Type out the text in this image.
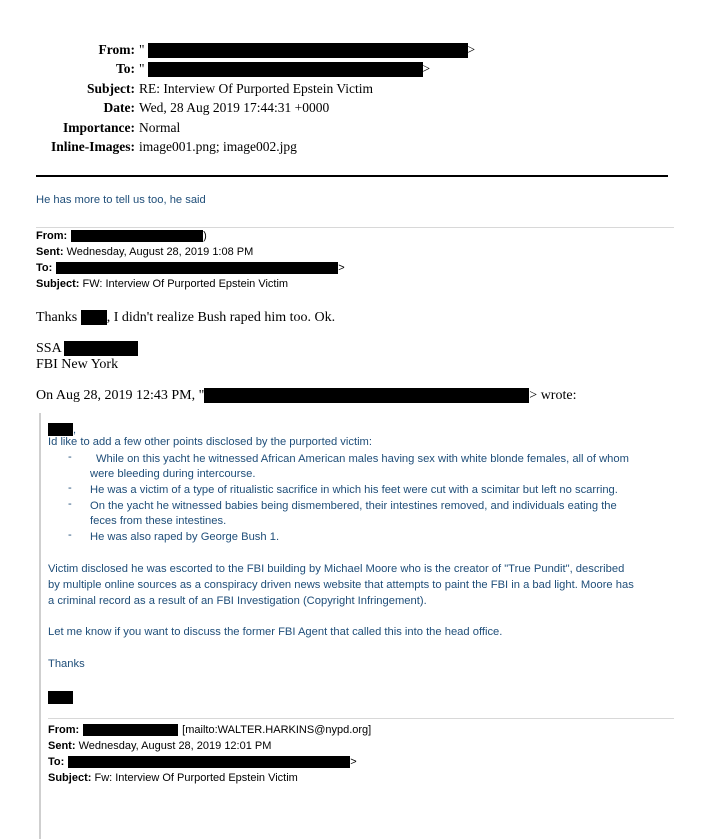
From: "	>
To: "	>
Subject: RE: Interview Of Purported Epstein Victim
Date: Wed, 28 Aug 2019 17:44:31 +0000
Importance: Normal
Inline-Images: image001.png; image002.jpg
He has more to tell us too, he said
From:	)
Sent: Wednesday, August 28, 2019 1:08 PM
To:	>
Subject: FW: Interview Of Purported Epstein Victim
Thanks , I didn't realize Bush raped him too. Ok.
SSA
FBI New York
On Aug 28, 2019 12:43 PM, "	> wrote:
,
Id like to add a few other points disclosed by the purported victim:
- While on this yacht he witnessed African American males having sex with white blonde females, all of whom
were bleeding during intercourse.
- He was a victim of a type of ritualistic sacrifice in which his feet were cut with a scimitar but left no scarring.
- On the yacht he witnessed babies being dismembered, their intestines removed, and individuals eating the
feces from these intestines.
- He was also raped by George Bush 1.
Victim disclosed he was escorted to the FBI building by Michael Moore who is the creator of "True Pundit", described
by multiple online sources as a conspiracy driven news website that attempts to paint the FBI in a bad light. Moore has
a criminal record as a result of an FBI Investigation (Copyright Infringement).
Let me know if you want to discuss the former FBI Agent that called this into the head office.
Thanks
From:	[mailto:WALTER.HARKINS@nypd.org]
Sent: Wednesday, August 28, 2019 12:01 PM
To:	>
Subject: Fw: Interview Of Purported Epstein Victim
